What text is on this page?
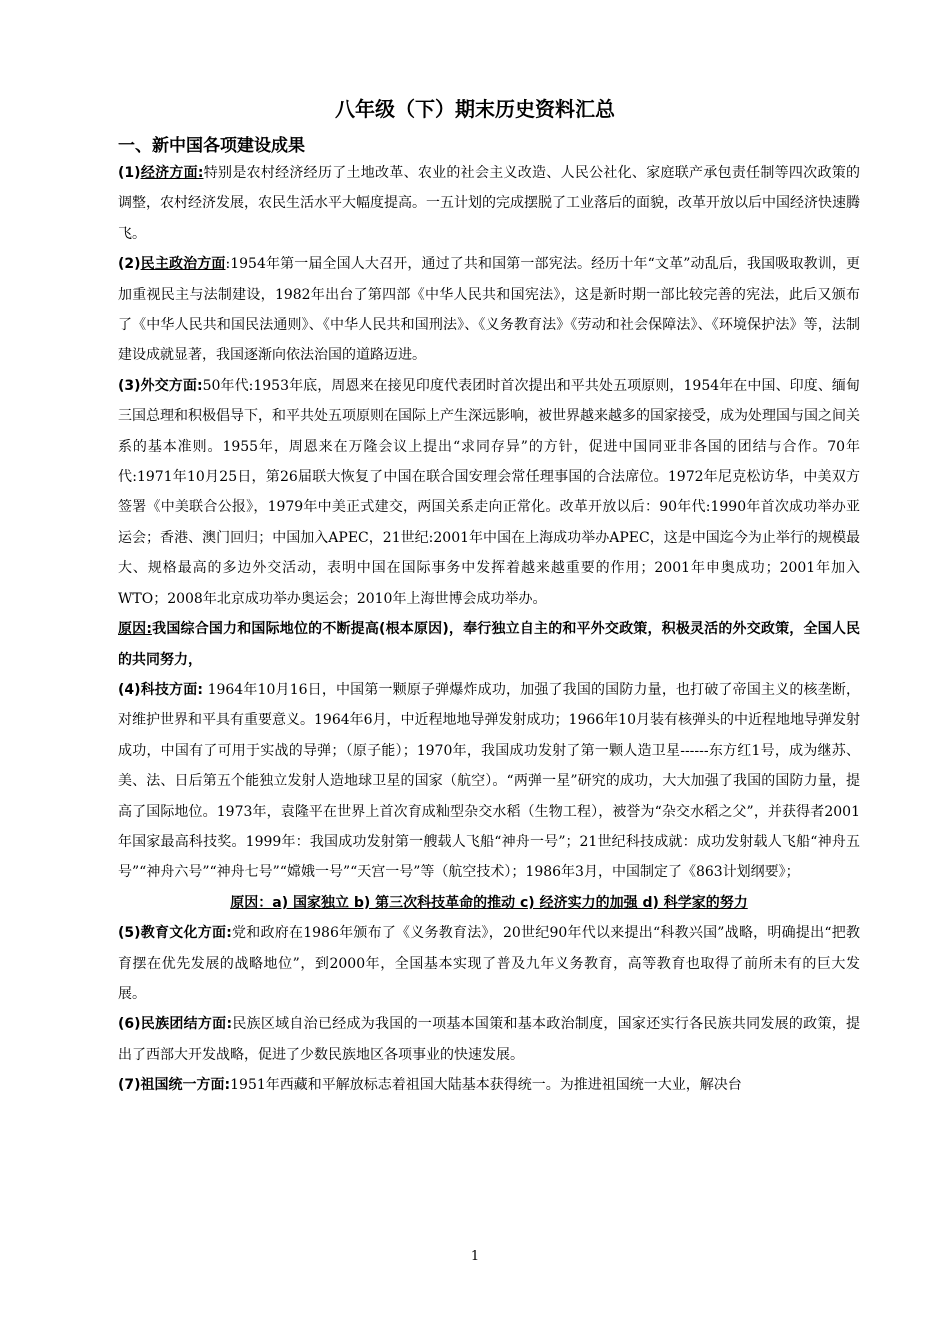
八年级（下）期末历史资料汇总
一、新中国各项建设成果

(1)经济方面:特别是农村经济经历了土地改革、农业的社会主义改造、人民公社化、家庭联产承包责任制等四次政策的调整，农村经济发展，农民生活水平大幅度提高。一五计划的完成摆脱了工业落后的面貌，改革开放以后中国经济快速腾飞。

(2)民主政治方面:1954年第一届全国人大召开，通过了共和国第一部宪法。经历十年“文革”动乱后，我国吸取教训，更加重视民主与法制建设，1982年出台了第四部《中华人民共和国宪法》，这是新时期一部比较完善的宪法，此后又颁布了《中华人民共和国民法通则》、《中华人民共和国刑法》、《义务教育法》《劳动和社会保障法》、《环境保护法》等，法制建设成就显著，我国逐渐向依法治国的道路迈进。

(3)外交方面:50年代:1953年底，周恩来在接见印度代表团时首次提出和平共处五项原则，1954年在中国、印度、缅甸三国总理和积极倡导下，和平共处五项原则在国际上产生深远影响，被世界越来越多的国家接受，成为处理国与国之间关系的基本准则。1955年，周恩来在万隆会议上提出“求同存异”的方针，促进中国同亚非各国的团结与合作。70年代:1971年10月25日，第26届联大恢复了中国在联合国安理会常任理事国的合法席位。1972年尼克松访华，中美双方签署《中美联合公报》，1979年中美正式建交，两国关系走向正常化。改革开放以后：90年代:1990年首次成功举办亚运会；香港、澳门回归；中国加入APEC，21世纪:2001年中国在上海成功举办APEC，这是中国迄今为止举行的规模最大、规格最高的多边外交活动，表明中国在国际事务中发挥着越来越重要的作用；2001年申奥成功；2001年加入WTO；2008年北京成功举办奥运会；2010年上海世博会成功举办。

原因:我国综合国力和国际地位的不断提高(根本原因)，奉行独立自主的和平外交政策，积极灵活的外交政策，全国人民的共同努力，

(4)科技方面: 1964年10月16日，中国第一颗原子弹爆炸成功，加强了我国的国防力量，也打破了帝国主义的核垄断，对维护世界和平具有重要意义。1964年6月，中近程地地导弹发射成功；1966年10月装有核弹头的中近程地地导弹发射成功，中国有了可用于实战的导弹；（原子能）；1970年，我国成功发射了第一颗人造卫星------东方红1号，成为继苏、美、法、日后第五个能独立发射人造地球卫星的国家（航空）。“两弹一星”研究的成功，大大加强了我国的国防力量，提高了国际地位。1973年，袁隆平在世界上首次育成籼型杂交水稻（生物工程），被誉为“杂交水稻之父”，并获得者2001年国家最高科技奖。1999年：我国成功发射第一艘载人飞船“神舟一号”；21世纪科技成就：成功发射载人飞船“神舟五号”“神舟六号”“神舟七号”“嫦娥一号”“天宫一号”等（航空技术）；1986年3月，中国制定了《863计划纲要》；

原因：a) 国家独立 b) 第三次科技革命的推动 c) 经济实力的加强 d) 科学家的努力

(5)教育文化方面:党和政府在1986年颁布了《义务教育法》，20世纪90年代以来提出“科教兴国”战略，明确提出“把教育摆在优先发展的战略地位”，到2000年，全国基本实现了普及九年义务教育，高等教育也取得了前所未有的巨大发展。

(6)民族团结方面:民族区域自治已经成为我国的一项基本国策和基本政治制度，国家还实行各民族共同发展的政策，提出了西部大开发战略，促进了少数民族地区各项事业的快速发展。

(7)祖国统一方面:1951年西藏和平解放标志着祖国大陆基本获得统一。为推进祖国统一大业，解决台

1
